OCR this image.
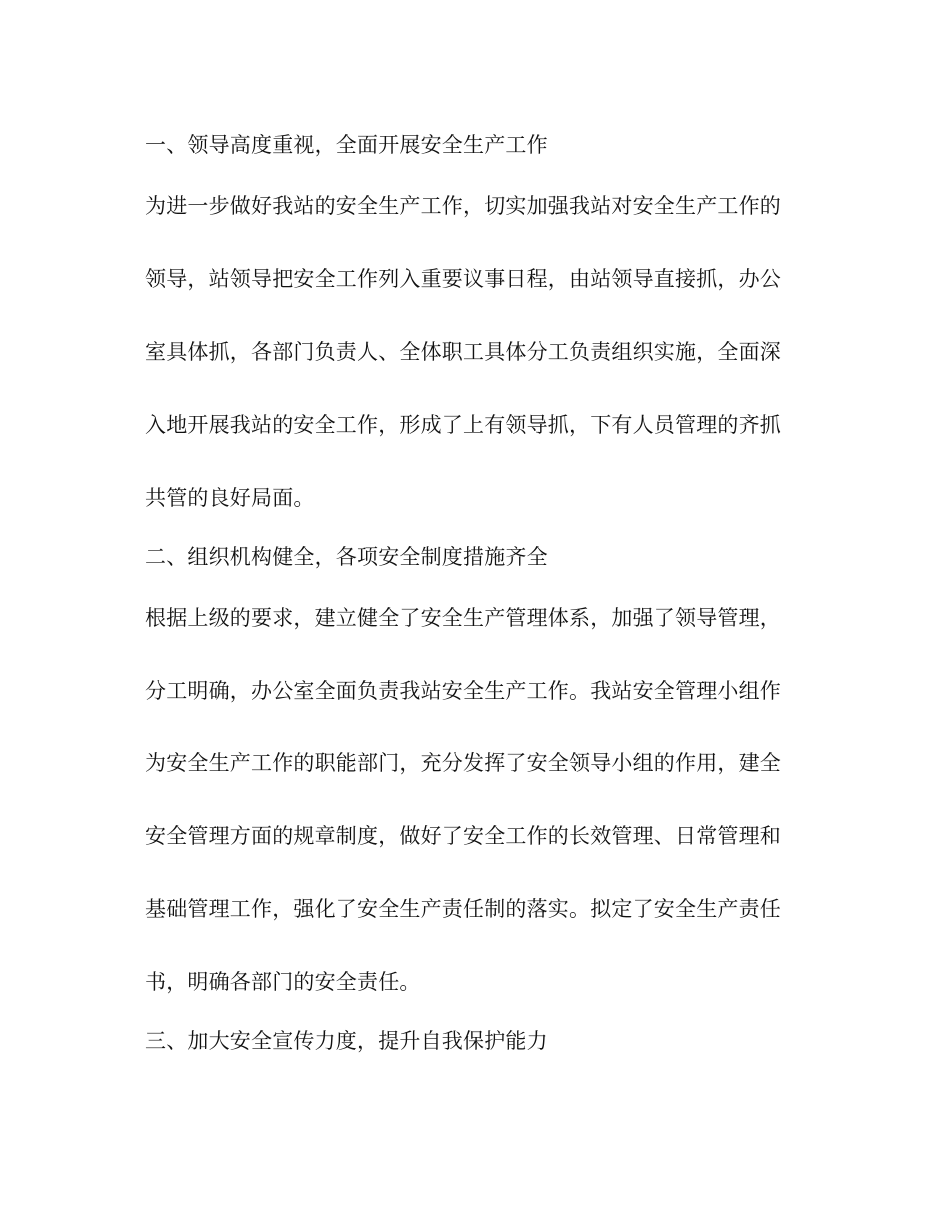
一、领导高度重视，全面开展安全生产工作
为进一步做好我站的安全生产工作，切实加强我站对安全生产工作的
领导，站领导把安全工作列入重要议事日程，由站领导直接抓，办公
室具体抓，各部门负责人、全体职工具体分工负责组织实施，全面深
入地开展我站的安全工作，形成了上有领导抓，下有人员管理的齐抓
共管的良好局面。
二、组织机构健全，各项安全制度措施齐全
根据上级的要求，建立健全了安全生产管理体系，加强了领导管理，
分工明确，办公室全面负责我站安全生产工作。我站安全管理小组作
为安全生产工作的职能部门，充分发挥了安全领导小组的作用，建全
安全管理方面的规章制度，做好了安全工作的长效管理、日常管理和
基础管理工作，强化了安全生产责任制的落实。拟定了安全生产责任
书，明确各部门的安全责任。
三、加大安全宣传力度，提升自我保护能力
